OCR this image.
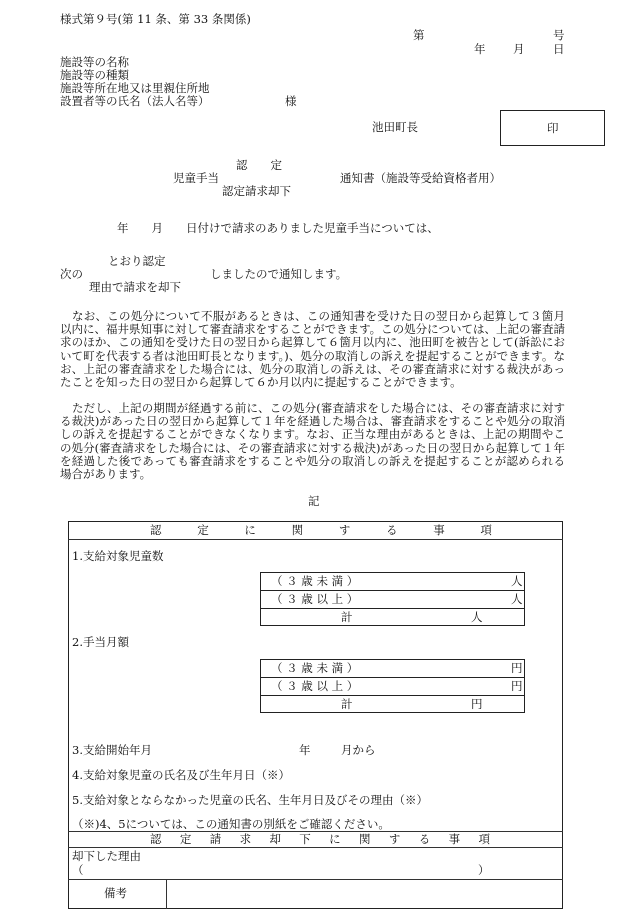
様式第９号(第 11 条、第 33 条関係)
第	号
年 月 日
施設等の名称
施設等の種類
施設等所在地又は里親住所地
設置者等の氏名（法人名等）	様
池田町長	印
認　　定
児童手当	通知書（施設等受給資格者用）
認定請求却下
年　　月　　日付けで請求のありました児童手当については、
とおり認定
次の	しましたので通知します。
理由で請求を却下

なお、この処分について不服があるときは、この通知書を受けた日の翌日から起算して３箇月以内に、福井県知事に対して審査請求をすることができます。この処分については、上記の審査請求のほか、この通知を受けた日の翌日から起算して６箇月以内に、池田町を被告として(訴訟において町を代表する者は池田町長となります。)、処分の取消しの訴えを提起することができます。なお、上記の審査請求をした場合には、処分の取消しの訴えは、その審査請求に対する裁決があったことを知った日の翌日から起算して６か月以内に提起することができます。

ただし、上記の期間が経過する前に、この処分(審査請求をした場合には、その審査請求に対する裁決)があった日の翌日から起算して１年を経過した場合は、審査請求をすることや処分の取消しの訴えを提起することができなくなります。なお、正当な理由があるときは、上記の期間やこの処分(審査請求をした場合には、その審査請求に対する裁決)があった日の翌日から起算して１年を経過した後であっても審査請求をすることや処分の取消しの訴えを提起することが認められる場合があります。

記
認	定	に	関	す	る	事	項
1.支給対象児童数
（ ３ 歳 未 満 ）	人
（ ３ 歳 以 上 ）	人
計	人
2.手当月額
（ ３ 歳 未 満 ）	円
（ ３ 歳 以 上 ）	円
計	円
3.支給開始年月	年	月から
4.支給対象児童の氏名及び生年月日（※）
5.支給対象とならなかった児童の氏名、生年月日及びその理由（※）
（※)4、5については、この通知書の別紙をご確認ください。
認 定 請 求 却 下 に 関 す る 事 項
却下した理由
（	）
備考
